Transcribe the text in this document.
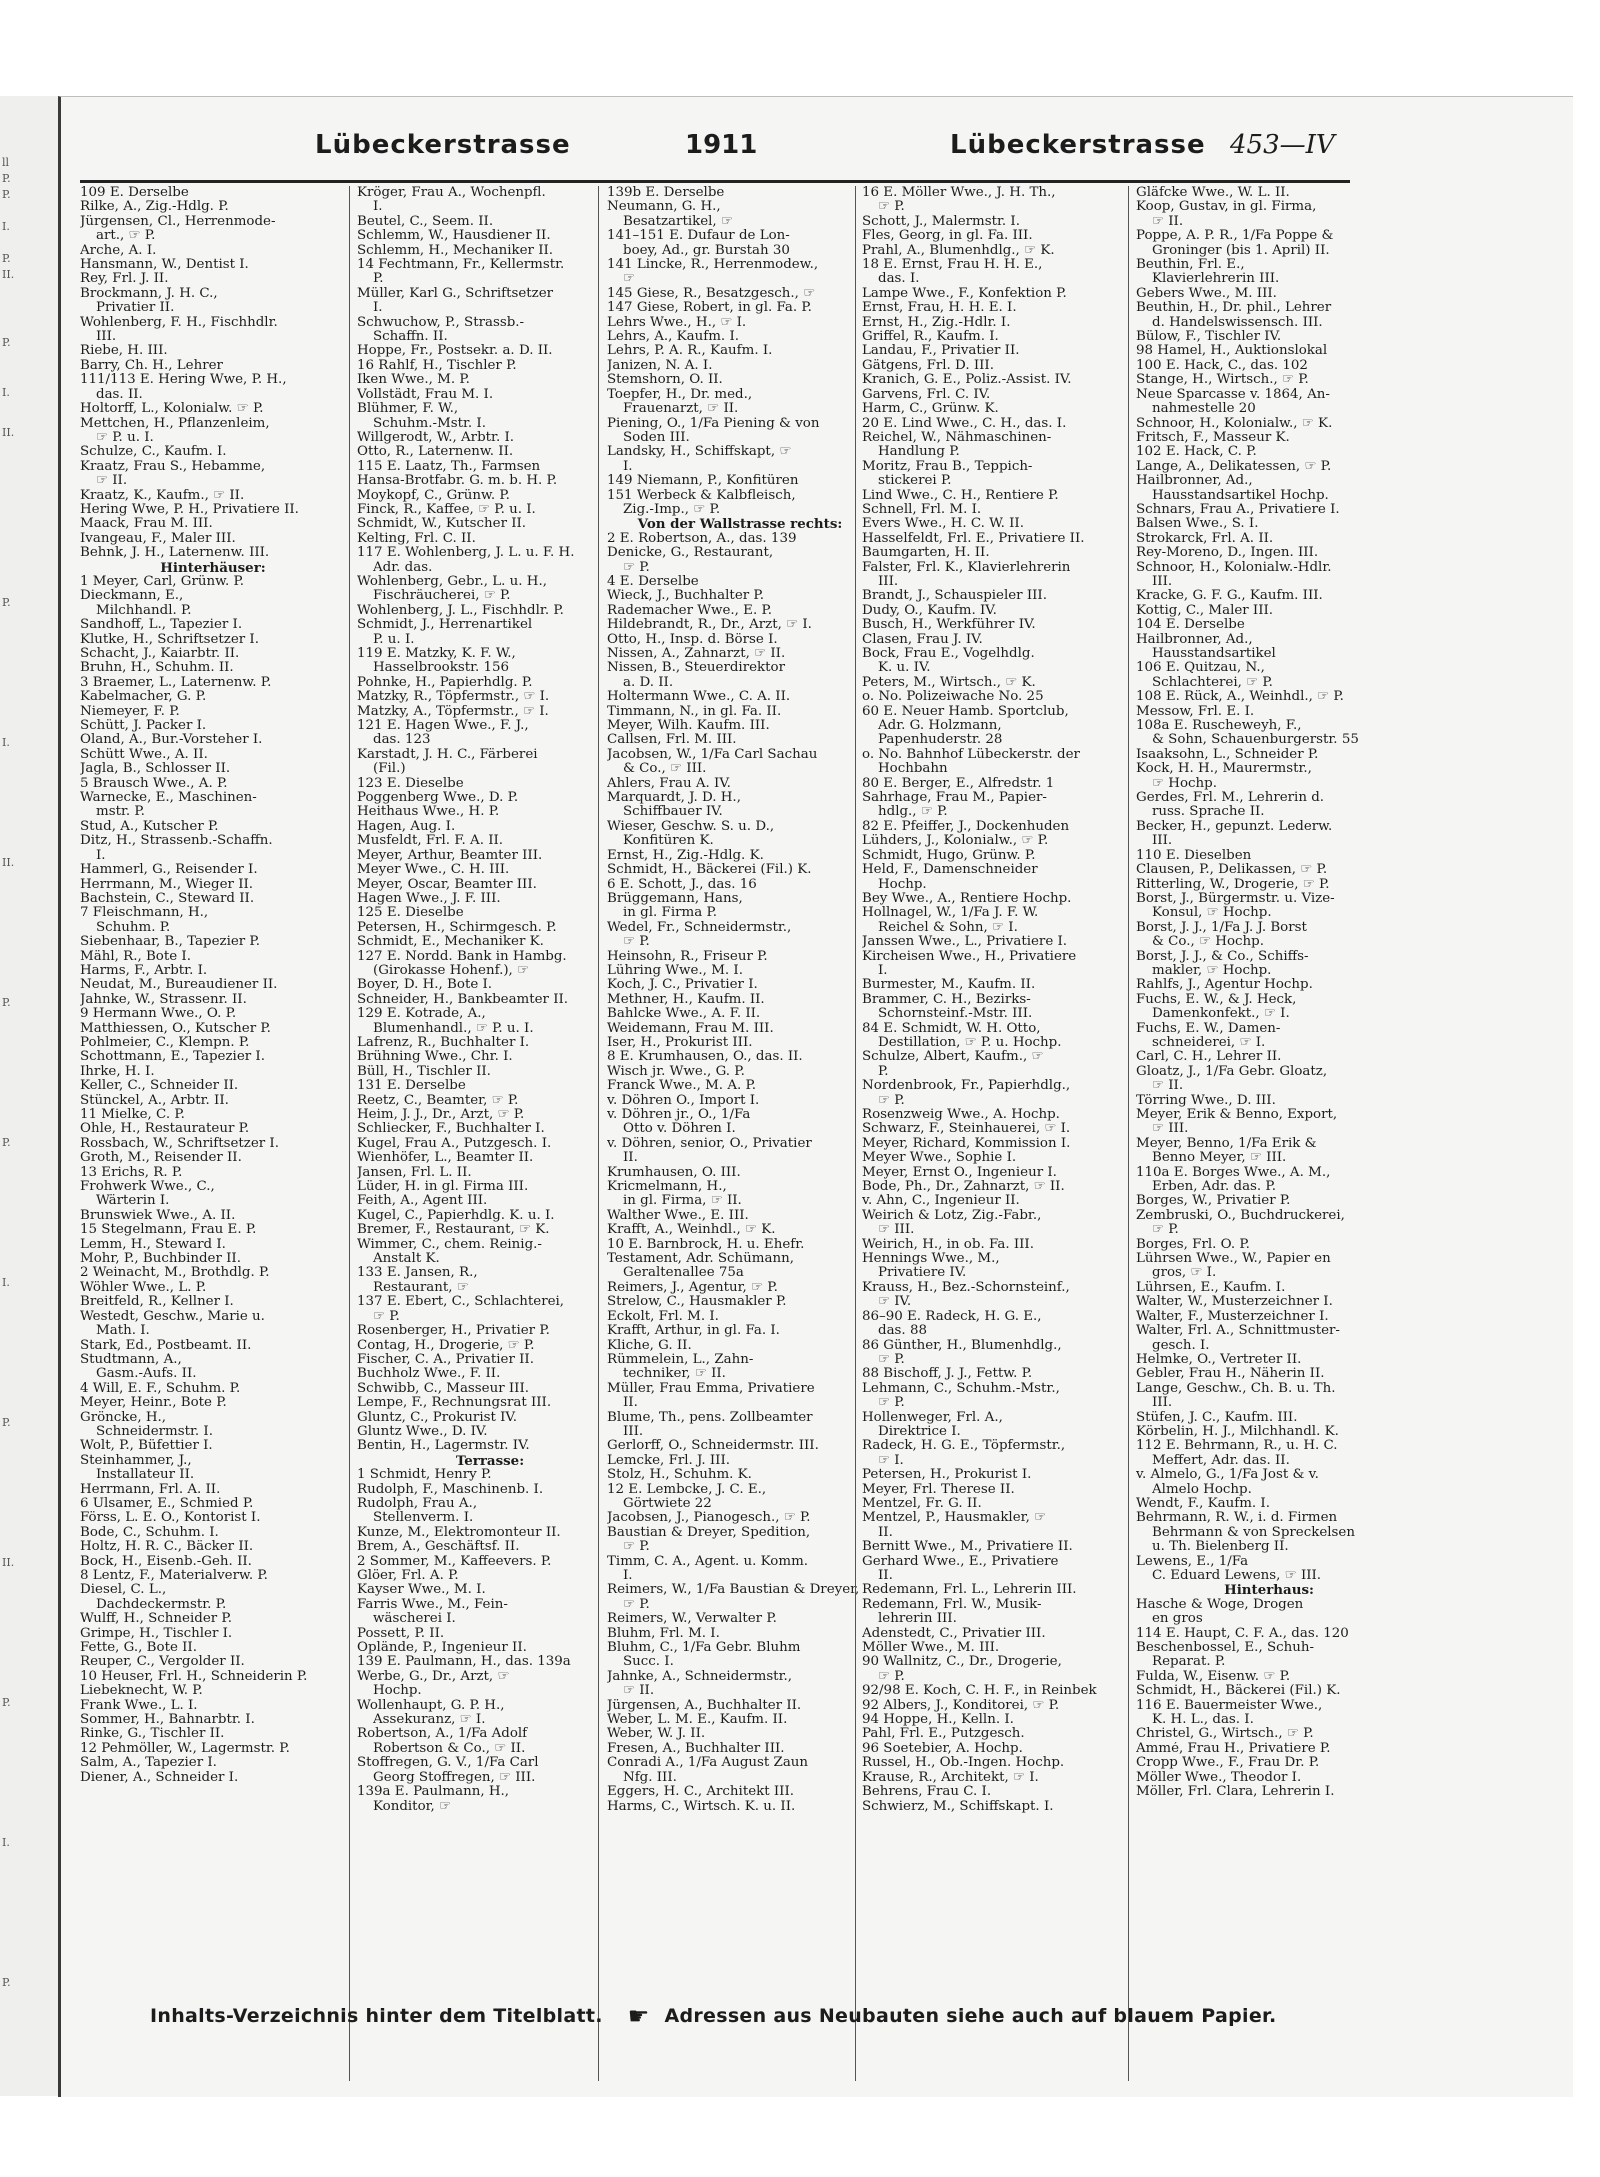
ll
P.
P.
I.
P.
II.
P.
I.
II.
P.
I.
II.
P.
P.
I.
P.
II.
P.
I.
P.
Lübeckerstrasse	1911	Lübeckerstrasse 453—IV
109 E. Derselbe
Rilke, A., Zig.-Hdlg. P.
Jürgensen, Cl., Herrenmode-
art., ☞ P.
Arche, A. I.
Hansmann, W., Dentist I.
Rey, Frl. J. II.
Brockmann, J. H. C.,
Privatier II.
Wohlenberg, F. H., Fischhdlr.
III.
Riebe, H. III.
Barry, Ch. H., Lehrer
111/113 E. Hering Wwe, P. H.,
das. II.
Holtorff, L., Kolonialw. ☞ P.
Mettchen, H., Pflanzenleim,
☞ P. u. I.
Schulze, C., Kaufm. I.
Kraatz, Frau S., Hebamme,
☞ II.
Kraatz, K., Kaufm., ☞ II.
Hering Wwe, P. H., Privatiere II.
Maack, Frau M. III.
Ivangeau, F., Maler III.
Behnk, J. H., Laternenw. III.
Hinterhäuser:
1 Meyer, Carl, Grünw. P.
Dieckmann, E.,
Milchhandl. P.
Sandhoff, L., Tapezier I.
Klutke, H., Schriftsetzer I.
Schacht, J., Kaiarbtr. II.
Bruhn, H., Schuhm. II.
3 Braemer, L., Laternenw. P.
Kabelmacher, G. P.
Niemeyer, F. P.
Schütt, J. Packer I.
Oland, A., Bur.-Vorsteher I.
Schütt Wwe., A. II.
Jagla, B., Schlosser II.
5 Brausch Wwe., A. P.
Warnecke, E., Maschinen-
mstr. P.
Stud, A., Kutscher P.
Ditz, H., Strassenb.-Schaffn.
I.
Hammerl, G., Reisender I.
Herrmann, M., Wieger II.
Bachstein, C., Steward II.
7 Fleischmann, H.,
Schuhm. P.
Siebenhaar, B., Tapezier P.
Mähl, R., Bote I.
Harms, F., Arbtr. I.
Neudat, M., Bureaudiener II.
Jahnke, W., Strassenr. II.
9 Hermann Wwe., O. P.
Matthiessen, O., Kutscher P.
Pohlmeier, C., Klempn. P.
Schottmann, E., Tapezier I.
Ihrke, H. I.
Keller, C., Schneider II.
Stünckel, A., Arbtr. II.
11 Mielke, C. P.
Ohle, H., Restaurateur P.
Rossbach, W., Schriftsetzer I.
Groth, M., Reisender II.
13 Erichs, R. P.
Frohwerk Wwe., C.,
Wärterin I.
Brunswiek Wwe., A. II.
15 Stegelmann, Frau E. P.
Lemm, H., Steward I.
Mohr, P., Buchbinder II.
2 Weinacht, M., Brothdlg. P.
Wöhler Wwe., L. P.
Breitfeld, R., Kellner I.
Westedt, Geschw., Marie u.
Math. I.
Stark, Ed., Postbeamt. II.
Studtmann, A.,
Gasm.-Aufs. II.
4 Will, E. F., Schuhm. P.
Meyer, Heinr., Bote P.
Gröncke, H.,
Schneidermstr. I.
Wolt, P., Büfettier I.
Steinhammer, J.,
Installateur II.
Herrmann, Frl. A. II.
6 Ulsamer, E., Schmied P.
Förss, L. E. O., Kontorist I.
Bode, C., Schuhm. I.
Holtz, H. R. C., Bäcker II.
Bock, H., Eisenb.-Geh. II.
8 Lentz, F., Materialverw. P.
Diesel, C. L.,
Dachdeckermstr. P.
Wulff, H., Schneider P.
Grimpe, H., Tischler I.
Fette, G., Bote II.
Reuper, C., Vergolder II.
10 Heuser, Frl. H., Schneiderin P.
Liebeknecht, W. P.
Frank Wwe., L. I.
Sommer, H., Bahnarbtr. I.
Rinke, G., Tischler II.
12 Pehmöller, W., Lagermstr. P.
Salm, A., Tapezier I.
Diener, A., Schneider I.
Kröger, Frau A., Wochenpfl.
I.
Beutel, C., Seem. II.
Schlemm, W., Hausdiener II.
Schlemm, H., Mechaniker II.
14 Fechtmann, Fr., Kellermstr.
P.
Müller, Karl G., Schriftsetzer
I.
Schwuchow, P., Strassb.-
Schaffn. II.
Hoppe, Fr., Postsekr. a. D. II.
16 Rahlf, H., Tischler P.
Iken Wwe., M. P.
Vollstädt, Frau M. I.
Blühmer, F. W.,
Schuhm.-Mstr. I.
Willgerodt, W., Arbtr. I.
Otto, R., Laternenw. II.
115 E. Laatz, Th., Farmsen
Hansa-Brotfabr. G. m. b. H. P.
Moykopf, C., Grünw. P.
Finck, R., Kaffee, ☞ P. u. I.
Schmidt, W., Kutscher II.
Kelting, Frl. C. II.
117 E. Wohlenberg, J. L. u. F. H.
Adr. das.
Wohlenberg, Gebr., L. u. H.,
Fischräucherei, ☞ P.
Wohlenberg, J. L., Fischhdlr. P.
Schmidt, J., Herrenartikel
P. u. I.
119 E. Matzky, K. F. W.,
Hasselbrookstr. 156
Pohnke, H., Papierhdlg. P.
Matzky, R., Töpfermstr., ☞ I.
Matzky, A., Töpfermstr., ☞ I.
121 E. Hagen Wwe., F. J.,
das. 123
Karstadt, J. H. C., Färberei
(Fil.)
123 E. Dieselbe
Poggenberg Wwe., D. P.
Heithaus Wwe., H. P.
Hagen, Aug. I.
Musfeldt, Frl. F. A. II.
Meyer, Arthur, Beamter III.
Meyer Wwe., C. H. III.
Meyer, Oscar, Beamter III.
Hagen Wwe., J. F. III.
125 E. Dieselbe
Petersen, H., Schirmgesch. P.
Schmidt, E., Mechaniker K.
127 E. Nordd. Bank in Hambg.
(Girokasse Hohenf.), ☞
Boyer, D. H., Bote I.
Schneider, H., Bankbeamter II.
129 E. Kotrade, A.,
Blumenhandl., ☞ P. u. I.
Lafrenz, R., Buchhalter I.
Brühning Wwe., Chr. I.
Büll, H., Tischler II.
131 E. Derselbe
Reetz, C., Beamter, ☞ P.
Heim, J. J., Dr., Arzt, ☞ P.
Schliecker, F., Buchhalter I.
Kugel, Frau A., Putzgesch. I.
Wienhöfer, L., Beamter II.
Jansen, Frl. L. II.
Lüder, H. in gl. Firma III.
Feith, A., Agent III.
Kugel, C., Papierhdlg. K. u. I.
Bremer, F., Restaurant, ☞ K.
Wimmer, C., chem. Reinig.-
Anstalt K.
133 E. Jansen, R.,
Restaurant, ☞
137 E. Ebert, C., Schlachterei,
☞ P.
Rosenberger, H., Privatier P.
Contag, H., Drogerie, ☞ P.
Fischer, C. A., Privatier II.
Buchholz Wwe., F. II.
Schwibb, C., Masseur III.
Lempe, F., Rechnungsrat III.
Gluntz, C., Prokurist IV.
Gluntz Wwe., D. IV.
Bentin, H., Lagermstr. IV.
Terrasse:
1 Schmidt, Henry P.
Rudolph, F., Maschinenb. I.
Rudolph, Frau A.,
Stellenverm. I.
Kunze, M., Elektromonteur II.
Brem, A., Geschäftsf. II.
2 Sommer, M., Kaffeevers. P.
Glöer, Frl. A. P.
Kayser Wwe., M. I.
Farris Wwe., M., Fein-
wäscherei I.
Possett, P. II.
Oplände, P., Ingenieur II.
139 E. Paulmann, H., das. 139a
Werbe, G., Dr., Arzt, ☞
Hochp.
Wollenhaupt, G. P. H.,
Assekuranz, ☞ I.
Robertson, A., 1/Fa Adolf
Robertson & Co., ☞ II.
Stoffregen, G. V., 1/Fa Carl
Georg Stoffregen, ☞ III.
139a E. Paulmann, H.,
Konditor, ☞
139b E. Derselbe
Neumann, G. H.,
Besatzartikel, ☞
141–151 E. Dufaur de Lon-
boey, Ad., gr. Burstah 30
141 Lincke, R., Herrenmodew.,
☞
145 Giese, R., Besatzgesch., ☞
147 Giese, Robert, in gl. Fa. P.
Lehrs Wwe., H., ☞ I.
Lehrs, A., Kaufm. I.
Lehrs, P. A. R., Kaufm. I.
Janizen, N. A. I.
Stemshorn, O. II.
Toepfer, H., Dr. med.,
Frauenarzt, ☞ II.
Piening, O., 1/Fa Piening & von
Soden III.
Landsky, H., Schiffskapt, ☞
I.
149 Niemann, P., Konfitüren
151 Werbeck & Kalbfleisch,
Zig.-Imp., ☞ P.
Von der Wallstrasse rechts:
2 E. Robertson, A., das. 139
Denicke, G., Restaurant,
☞ P.
4 E. Derselbe
Wieck, J., Buchhalter P.
Rademacher Wwe., E. P.
Hildebrandt, R., Dr., Arzt, ☞ I.
Otto, H., Insp. d. Börse I.
Nissen, A., Zahnarzt, ☞ II.
Nissen, B., Steuerdirektor
a. D. II.
Holtermann Wwe., C. A. II.
Timmann, N., in gl. Fa. II.
Meyer, Wilh. Kaufm. III.
Callsen, Frl. M. III.
Jacobsen, W., 1/Fa Carl Sachau
& Co., ☞ III.
Ahlers, Frau A. IV.
Marquardt, J. D. H.,
Schiffbauer IV.
Wieser, Geschw. S. u. D.,
Konfitüren K.
Ernst, H., Zig.-Hdlg. K.
Schmidt, H., Bäckerei (Fil.) K.
6 E. Schott, J., das. 16
Brüggemann, Hans,
in gl. Firma P.
Wedel, Fr., Schneidermstr.,
☞ P.
Heinsohn, R., Friseur P.
Lühring Wwe., M. I.
Koch, J. C., Privatier I.
Methner, H., Kaufm. II.
Bahlcke Wwe., A. F. II.
Weidemann, Frau M. III.
Iser, H., Prokurist III.
8 E. Krumhausen, O., das. II.
Wisch jr. Wwe., G. P.
Franck Wwe., M. A. P.
v. Döhren O., Import I.
v. Döhren jr., O., 1/Fa
Otto v. Döhren I.
v. Döhren, senior, O., Privatier
II.
Krumhausen, O. III.
Kricmelmann, H.,
in gl. Firma, ☞ II.
Walther Wwe., E. III.
Krafft, A., Weinhdl., ☞ K.
10 E. Barnbrock, H. u. Ehefr.
Testament, Adr. Schümann,
Geraltenallee 75a
Reimers, J., Agentur, ☞ P.
Strelow, C., Hausmakler P.
Eckolt, Frl. M. I.
Krafft, Arthur, in gl. Fa. I.
Kliche, G. II.
Rümmelein, L., Zahn-
techniker, ☞ II.
Müller, Frau Emma, Privatiere
II.
Blume, Th., pens. Zollbeamter
III.
Gerlorff, O., Schneidermstr. III.
Lemcke, Frl. J. III.
Stolz, H., Schuhm. K.
12 E. Lembcke, J. C. E.,
Görtwiete 22
Jacobsen, J., Pianogesch., ☞ P.
Baustian & Dreyer, Spedition,
☞ P.
Timm, C. A., Agent. u. Komm.
I.
Reimers, W., 1/Fa Baustian & Dreyer,
☞ P.
Reimers, W., Verwalter P.
Bluhm, Frl. M. I.
Bluhm, C., 1/Fa Gebr. Bluhm
Succ. I.
Jahnke, A., Schneidermstr.,
☞ II.
Jürgensen, A., Buchhalter II.
Weber, L. M. E., Kaufm. II.
Weber, W. J. II.
Fresen, A., Buchhalter III.
Conradi A., 1/Fa August Zaun
Nfg. III.
Eggers, H. C., Architekt III.
Harms, C., Wirtsch. K. u. II.
16 E. Möller Wwe., J. H. Th.,
☞ P.
Schott, J., Malermstr. I.
Fles, Georg, in gl. Fa. III.
Prahl, A., Blumenhdlg., ☞ K.
18 E. Ernst, Frau H. H. E.,
das. I.
Lampe Wwe., F., Konfektion P.
Ernst, Frau, H. H. E. I.
Ernst, H., Zig.-Hdlr. I.
Griffel, R., Kaufm. I.
Landau, F., Privatier II.
Gätgens, Frl. D. III.
Kranich, G. E., Poliz.-Assist. IV.
Garvens, Frl. C. IV.
Harm, C., Grünw. K.
20 E. Lind Wwe., C. H., das. I.
Reichel, W., Nähmaschinen-
Handlung P.
Moritz, Frau B., Teppich-
stickerei P.
Lind Wwe., C. H., Rentiere P.
Schnell, Frl. M. I.
Evers Wwe., H. C. W. II.
Hasselfeldt, Frl. E., Privatiere II.
Baumgarten, H. II.
Falster, Frl. K., Klavierlehrerin
III.
Brandt, J., Schauspieler III.
Dudy, O., Kaufm. IV.
Busch, H., Werkführer IV.
Clasen, Frau J. IV.
Bock, Frau E., Vogelhdlg.
K. u. IV.
Peters, M., Wirtsch., ☞ K.
o. No. Polizeiwache No. 25
60 E. Neuer Hamb. Sportclub,
Adr. G. Holzmann,
Papenhuderstr. 28
o. No. Bahnhof Lübeckerstr. der
Hochbahn
80 E. Berger, E., Alfredstr. 1
Sahrhage, Frau M., Papier-
hdlg., ☞ P.
82 E. Pfeiffer, J., Dockenhuden
Lühders, J., Kolonialw., ☞ P.
Schmidt, Hugo, Grünw. P.
Held, F., Damenschneider
Hochp.
Bey Wwe., A., Rentiere Hochp.
Hollnagel, W., 1/Fa J. F. W.
Reichel & Sohn, ☞ I.
Janssen Wwe., L., Privatiere I.
Kircheisen Wwe., H., Privatiere
I.
Burmester, M., Kaufm. II.
Brammer, C. H., Bezirks-
Schornsteinf.-Mstr. III.
84 E. Schmidt, W. H. Otto,
Destillation, ☞ P. u. Hochp.
Schulze, Albert, Kaufm., ☞
P.
Nordenbrook, Fr., Papierhdlg.,
☞ P.
Rosenzweig Wwe., A. Hochp.
Schwarz, F., Steinhauerei, ☞ I.
Meyer, Richard, Kommission I.
Meyer Wwe., Sophie I.
Meyer, Ernst O., Ingenieur I.
Bode, Ph., Dr., Zahnarzt, ☞ II.
v. Ahn, C., Ingenieur II.
Weirich & Lotz, Zig.-Fabr.,
☞ III.
Weirich, H., in ob. Fa. III.
Hennings Wwe., M.,
Privatiere IV.
Krauss, H., Bez.-Schornsteinf.,
☞ IV.
86–90 E. Radeck, H. G. E.,
das. 88
86 Günther, H., Blumenhdlg.,
☞ P.
88 Bischoff, J. J., Fettw. P.
Lehmann, C., Schuhm.-Mstr.,
☞ P.
Hollenweger, Frl. A.,
Direktrice I.
Radeck, H. G. E., Töpfermstr.,
☞ I.
Petersen, H., Prokurist I.
Meyer, Frl. Therese II.
Mentzel, Fr. G. II.
Mentzel, P., Hausmakler, ☞
II.
Bernitt Wwe., M., Privatiere II.
Gerhard Wwe., E., Privatiere
II.
Redemann, Frl. L., Lehrerin III.
Redemann, Frl. W., Musik-
lehrerin III.
Adenstedt, C., Privatier III.
Möller Wwe., M. III.
90 Wallnitz, C., Dr., Drogerie,
☞ P.
92/98 E. Koch, C. H. F., in Reinbek
92 Albers, J., Konditorei, ☞ P.
94 Hoppe, H., Kelln. I.
Pahl, Frl. E., Putzgesch.
96 Soetebier, A. Hochp.
Russel, H., Ob.-Ingen. Hochp.
Krause, R., Architekt, ☞ I.
Behrens, Frau C. I.
Schwierz, M., Schiffskapt. I.
Gläfcke Wwe., W. L. II.
Koop, Gustav, in gl. Firma,
☞ II.
Poppe, A. P. R., 1/Fa Poppe &
Groninger (bis 1. April) II.
Beuthin, Frl. E.,
Klavierlehrerin III.
Gebers Wwe., M. III.
Beuthin, H., Dr. phil., Lehrer
d. Handelswissensch. III.
Bülow, F., Tischler IV.
98 Hamel, H., Auktionslokal
100 E. Hack, C., das. 102
Stange, H., Wirtsch., ☞ P.
Neue Sparcasse v. 1864, An-
nahmestelle 20
Schnoor, H., Kolonialw., ☞ K.
Fritsch, F., Masseur K.
102 E. Hack, C. P.
Lange, A., Delikatessen, ☞ P.
Hailbronner, Ad.,
Hausstandsartikel Hochp.
Schnars, Frau A., Privatiere I.
Balsen Wwe., S. I.
Strokarck, Frl. A. II.
Rey-Moreno, D., Ingen. III.
Schnoor, H., Kolonialw.-Hdlr.
III.
Kracke, G. F. G., Kaufm. III.
Kottig, C., Maler III.
104 E. Derselbe
Hailbronner, Ad.,
Hausstandsartikel
106 E. Quitzau, N.,
Schlachterei, ☞ P.
108 E. Rück, A., Weinhdl., ☞ P.
Messow, Frl. E. I.
108a E. Ruscheweyh, F.,
& Sohn, Schauenburgerstr. 55
Isaaksohn, L., Schneider P.
Kock, H. H., Maurermstr.,
☞ Hochp.
Gerdes, Frl. M., Lehrerin d.
russ. Sprache II.
Becker, H., gepunzt. Lederw.
III.
110 E. Dieselben
Clausen, P., Delikassen, ☞ P.
Ritterling, W., Drogerie, ☞ P.
Borst, J., Bürgermstr. u. Vize-
Konsul, ☞ Hochp.
Borst, J. J., 1/Fa J. J. Borst
& Co., ☞ Hochp.
Borst, J. J., & Co., Schiffs-
makler, ☞ Hochp.
Rahlfs, J., Agentur Hochp.
Fuchs, E. W., & J. Heck,
Damenkonfekt., ☞ I.
Fuchs, E. W., Damen-
schneiderei, ☞ I.
Carl, C. H., Lehrer II.
Gloatz, J., 1/Fa Gebr. Gloatz,
☞ II.
Törring Wwe., D. III.
Meyer, Erik & Benno, Export,
☞ III.
Meyer, Benno, 1/Fa Erik &
Benno Meyer, ☞ III.
110a E. Borges Wwe., A. M.,
Erben, Adr. das. P.
Borges, W., Privatier P.
Zembruski, O., Buchdruckerei,
☞ P.
Borges, Frl. O. P.
Lührsen Wwe., W., Papier en
gros, ☞ I.
Lührsen, E., Kaufm. I.
Walter, W., Musterzeichner I.
Walter, F., Musterzeichner I.
Walter, Frl. A., Schnittmuster-
gesch. I.
Helmke, O., Vertreter II.
Gebler, Frau H., Näherin II.
Lange, Geschw., Ch. B. u. Th.
III.
Stüfen, J. C., Kaufm. III.
Körbelin, H. J., Milchhandl. K.
112 E. Behrmann, R., u. H. C.
Meffert, Adr. das. II.
v. Almelo, G., 1/Fa Jost & v.
Almelo Hochp.
Wendt, F., Kaufm. I.
Behrmann, R. W., i. d. Firmen
Behrmann & von Spreckelsen
u. Th. Bielenberg II.
Lewens, E., 1/Fa
C. Eduard Lewens, ☞ III.
Hinterhaus:
Hasche & Woge, Drogen
en gros
114 E. Haupt, C. F. A., das. 120
Beschenbossel, E., Schuh-
Reparat. P.
Fulda, W., Eisenw. ☞ P.
Schmidt, H., Bäckerei (Fil.) K.
116 E. Bauermeister Wwe.,
K. H. L., das. I.
Christel, G., Wirtsch., ☞ P.
Ammé, Frau H., Privatiere P.
Cropp Wwe., F., Frau Dr. P.
Möller Wwe., Theodor I.
Möller, Frl. Clara, Lehrerin I.
Inhalts-Verzeichnis hinter dem Titelblatt. ☛ Adressen aus Neubauten siehe auch auf blauem Papier.
